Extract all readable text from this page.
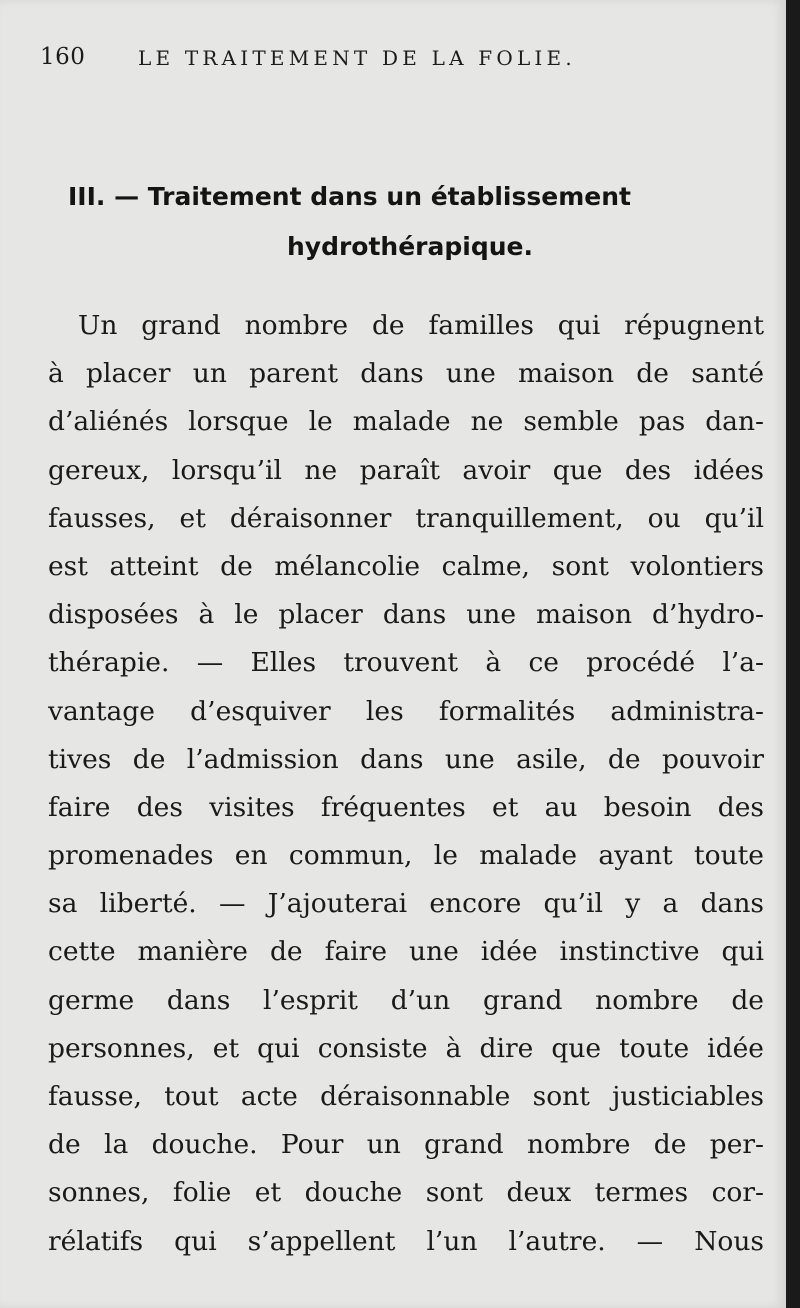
160	LE TRAITEMENT DE LA FOLIE.
III. — Traitement dans un établissement
hydrothérapique.
Un grand nombre de familles qui répugnent
à placer un parent dans une maison de santé
d’aliénés lorsque le malade ne semble pas dan-
gereux, lorsqu’il ne paraît avoir que des idées
fausses, et déraisonner tranquillement, ou qu’il
est atteint de mélancolie calme, sont volontiers
disposées à le placer dans une maison d’hydro-
thérapie. — Elles trouvent à ce procédé l’a-
vantage d’esquiver les formalités administra-
tives de l’admission dans une asile, de pouvoir
faire des visites fréquentes et au besoin des
promenades en commun, le malade ayant toute
sa liberté. — J’ajouterai encore qu’il y a dans
cette manière de faire une idée instinctive qui
germe dans l’esprit d’un grand nombre de
personnes, et qui consiste à dire que toute idée
fausse, tout acte déraisonnable sont justiciables
de la douche. Pour un grand nombre de per-
sonnes, folie et douche sont deux termes cor-
rélatifs qui s’appellent l’un l’autre. — Nous
